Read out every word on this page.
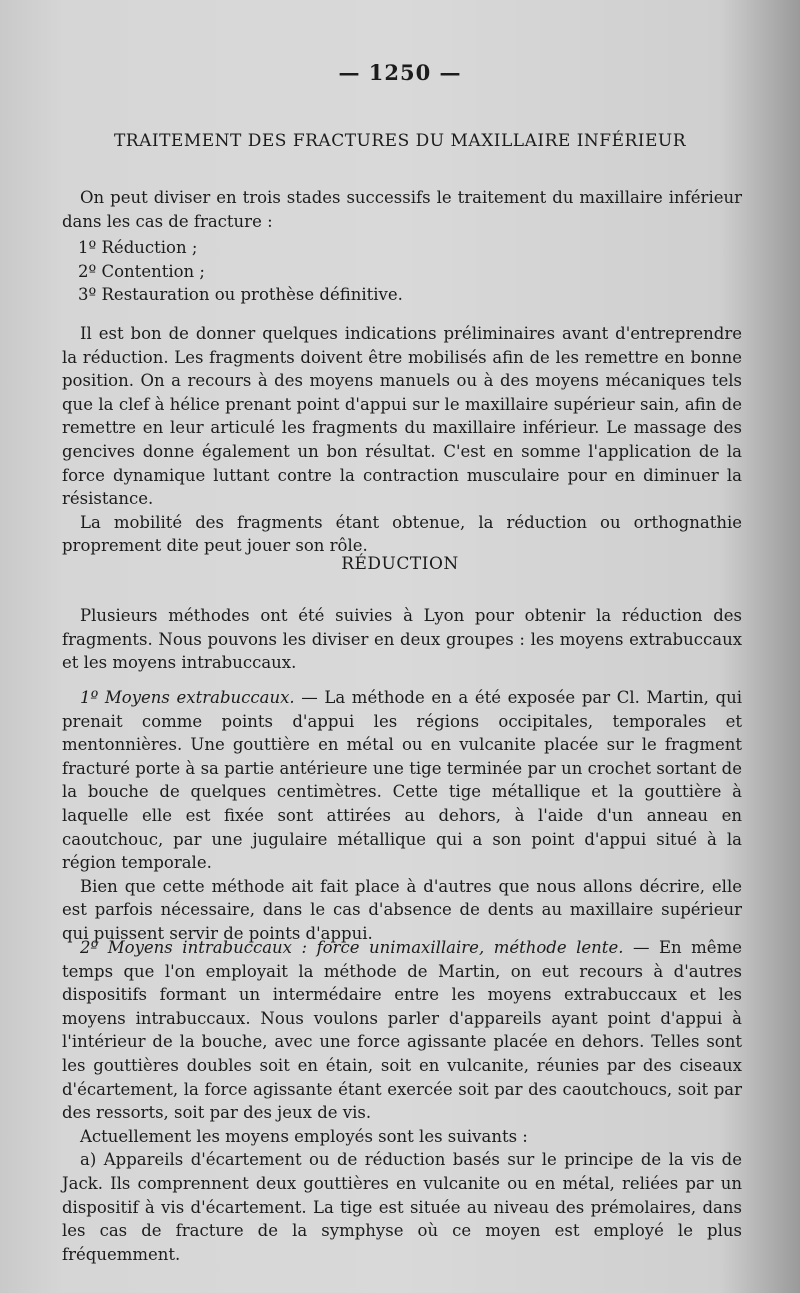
— 1250 —
TRAITEMENT DES FRACTURES DU MAXILLAIRE INFÉRIEUR

On peut diviser en trois stades successifs le traitement du maxillaire inférieur dans les cas de fracture :

1º Réduction ;
2º Contention ;
3º Restauration ou prothèse définitive.

Il est bon de donner quelques indications préliminaires avant d'entreprendre la réduction. Les fragments doivent être mobilisés afin de les remettre en bonne position. On a recours à des moyens manuels ou à des moyens mécaniques tels que la clef à hélice prenant point d'appui sur le maxillaire supérieur sain, afin de remettre en leur articulé les fragments du maxillaire inférieur. Le massage des gencives donne également un bon résultat. C'est en somme l'application de la force dynamique luttant contre la contraction musculaire pour en diminuer la résistance.

La mobilité des fragments étant obtenue, la réduction ou orthognathie proprement dite peut jouer son rôle.

RÉDUCTION

Plusieurs méthodes ont été suivies à Lyon pour obtenir la réduction des fragments. Nous pouvons les diviser en deux groupes : les moyens extrabuccaux et les moyens intrabuccaux.

1º Moyens extrabuccaux. — La méthode en a été exposée par Cl. Martin, qui prenait comme points d'appui les régions occipitales, temporales et mentonnières. Une gouttière en métal ou en vulcanite placée sur le fragment fracturé porte à sa partie antérieure une tige terminée par un crochet sortant de la bouche de quelques centimètres. Cette tige métallique et la gouttière à laquelle elle est fixée sont attirées au dehors, à l'aide d'un anneau en caoutchouc, par une jugulaire métallique qui a son point d'appui situé à la région temporale.

Bien que cette méthode ait fait place à d'autres que nous allons décrire, elle est parfois nécessaire, dans le cas d'absence de dents au maxillaire supérieur qui puissent servir de points d'appui.

2º Moyens intrabuccaux : force unimaxillaire, méthode lente. — En même temps que l'on employait la méthode de Martin, on eut recours à d'autres dispositifs formant un intermédaire entre les moyens extrabuccaux et les moyens intrabuccaux. Nous voulons parler d'appareils ayant point d'appui à l'intérieur de la bouche, avec une force agissante placée en dehors. Telles sont les gouttières doubles soit en étain, soit en vulcanite, réunies par des ciseaux d'écartement, la force agissante étant exercée soit par des caoutchoucs, soit par des ressorts, soit par des jeux de vis.

Actuellement les moyens employés sont les suivants :

a) Appareils d'écartement ou de réduction basés sur le principe de la vis de Jack. Ils comprennent deux gouttières en vulcanite ou en métal, reliées par un dispositif à vis d'écartement. La tige est située au niveau des prémolaires, dans les cas de fracture de la symphyse où ce moyen est employé le plus fréquemment.
